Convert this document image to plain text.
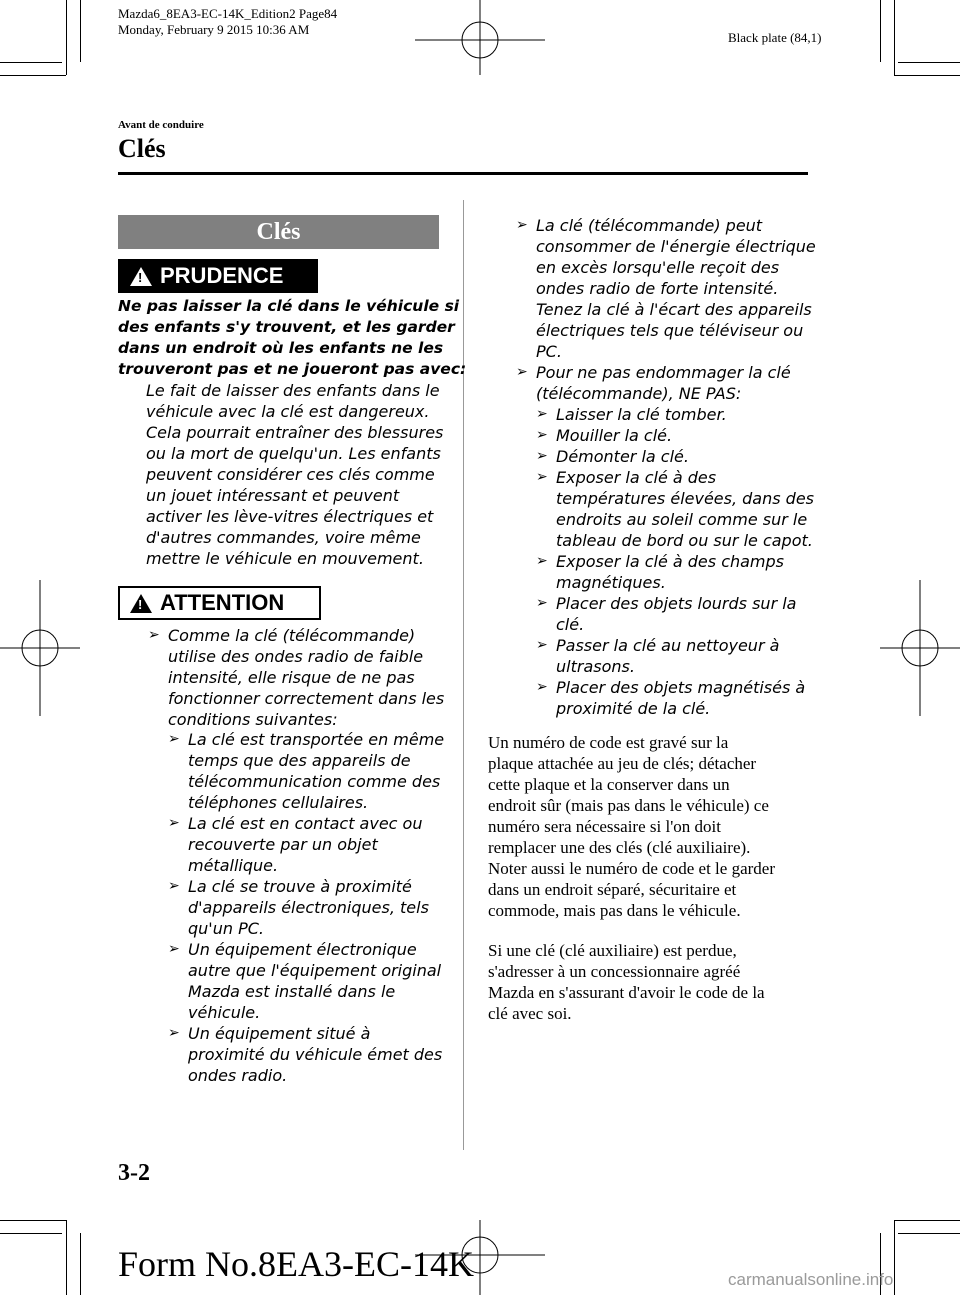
Mazda6_8EA3-EC-14K_Edition2 Page84
Monday, February 9 2015 10:36 AM
Black plate (84,1)
Avant de conduire
Clés
Clés
! PRUDENCE
Ne pas laisser la clé dans le véhicule si
des enfants s'y trouvent, et les garder
dans un endroit où les enfants ne les
trouveront pas et ne joueront pas avec:
Le fait de laisser des enfants dans le
véhicule avec la clé est dangereux.
Cela pourrait entraîner des blessures
ou la mort de quelqu'un. Les enfants
peuvent considérer ces clés comme
un jouet intéressant et peuvent
activer les lève-vitres électriques et
d'autres commandes, voire même
mettre le véhicule en mouvement.
! ATTENTION
➢ Comme la clé (télécommande)
utilise des ondes radio de faible
intensité, elle risque de ne pas
fonctionner correctement dans les
conditions suivantes:
➢ La clé est transportée en même
temps que des appareils de
télécommunication comme des
téléphones cellulaires.
➢ La clé est en contact avec ou
recouverte par un objet
métallique.
➢ La clé se trouve à proximité
d'appareils électroniques, tels
qu'un PC.
➢ Un équipement électronique
autre que l'équipement original
Mazda est installé dans le
véhicule.
➢ Un équipement situé à
proximité du véhicule émet des
ondes radio.
➢ La clé (télécommande) peut
consommer de l'énergie électrique
en excès lorsqu'elle reçoit des
ondes radio de forte intensité.
Tenez la clé à l'écart des appareils
électriques tels que téléviseur ou
PC.
➢ Pour ne pas endommager la clé
(télécommande), NE PAS:
➢ Laisser la clé tomber.
➢ Mouiller la clé.
➢ Démonter la clé.
➢ Exposer la clé à des
températures élevées, dans des
endroits au soleil comme sur le
tableau de bord ou sur le capot.
➢ Exposer la clé à des champs
magnétiques.
➢ Placer des objets lourds sur la
clé.
➢ Passer la clé au nettoyeur à
ultrasons.
➢ Placer des objets magnétisés à
proximité de la clé.
Un numéro de code est gravé sur la
plaque attachée au jeu de clés; détacher
cette plaque et la conserver dans un
endroit sûr (mais pas dans le véhicule) ce
numéro sera nécessaire si l'on doit
remplacer une des clés (clé auxiliaire).
Noter aussi le numéro de code et le garder
dans un endroit séparé, sécuritaire et
commode, mais pas dans le véhicule.
Si une clé (clé auxiliaire) est perdue,
s'adresser à un concessionnaire agréé
Mazda en s'assurant d'avoir le code de la
clé avec soi.
3-2
Form No.8EA3-EC-14K	carmanualsonline.info
